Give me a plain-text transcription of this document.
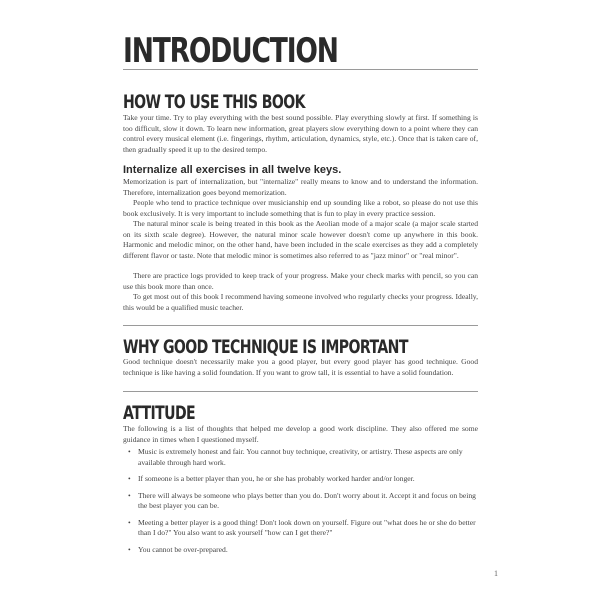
INTRODUCTION
HOW TO USE THIS BOOK

Take your time. Try to play everything with the best sound possible. Play everything slowly at first. If something is too difficult, slow it down. To learn new information, great players slow everything down to a point where they can control every musical element (i.e. fingerings, rhythm, articulation, dynamics, style, etc.). Once that is taken care of, then gradually speed it up to the desired tempo.

Internalize all exercises in all twelve keys.

Memorization is part of internalization, but "internalize" really means to know and to understand the information. Therefore, internalization goes beyond memorization.

People who tend to practice technique over musicianship end up sounding like a robot, so please do not use this book exclusively. It is very important to include something that is fun to play in every practice session.

The natural minor scale is being treated in this book as the Aeolian mode of a major scale (a major scale started on its sixth scale degree). However, the natural minor scale however doesn't come up anywhere in this book. Harmonic and melodic minor, on the other hand, have been included in the scale exercises as they add a completely different flavor or taste. Note that melodic minor is sometimes also referred to as "jazz minor" or "real minor".

There are practice logs provided to keep track of your progress. Make your check marks with pencil, so you can use this book more than once.

To get most out of this book I recommend having someone involved who regularly checks your progress. Ideally, this would be a qualified music teacher.

WHY GOOD TECHNIQUE IS IMPORTANT

Good technique doesn't necessarily make you a good player, but every good player has good technique. Good technique is like having a solid foundation. If you want to grow tall, it is essential to have a solid foundation.

ATTITUDE

The following is a list of thoughts that helped me develop a good work discipline. They also offered me some guidance in times when I questioned myself.

• Music is extremely honest and fair. You cannot buy technique, creativity, or artistry. These aspects are only available through hard work.
• If someone is a better player than you, he or she has probably worked harder and/or longer.
• There will always be someone who plays better than you do. Don't worry about it. Accept it and focus on being the best player you can be.
• Meeting a better player is a good thing! Don't look down on yourself. Figure out "what does he or she do better than I do?" You also want to ask yourself "how can I get there?"
• You cannot be over-prepared.
1
